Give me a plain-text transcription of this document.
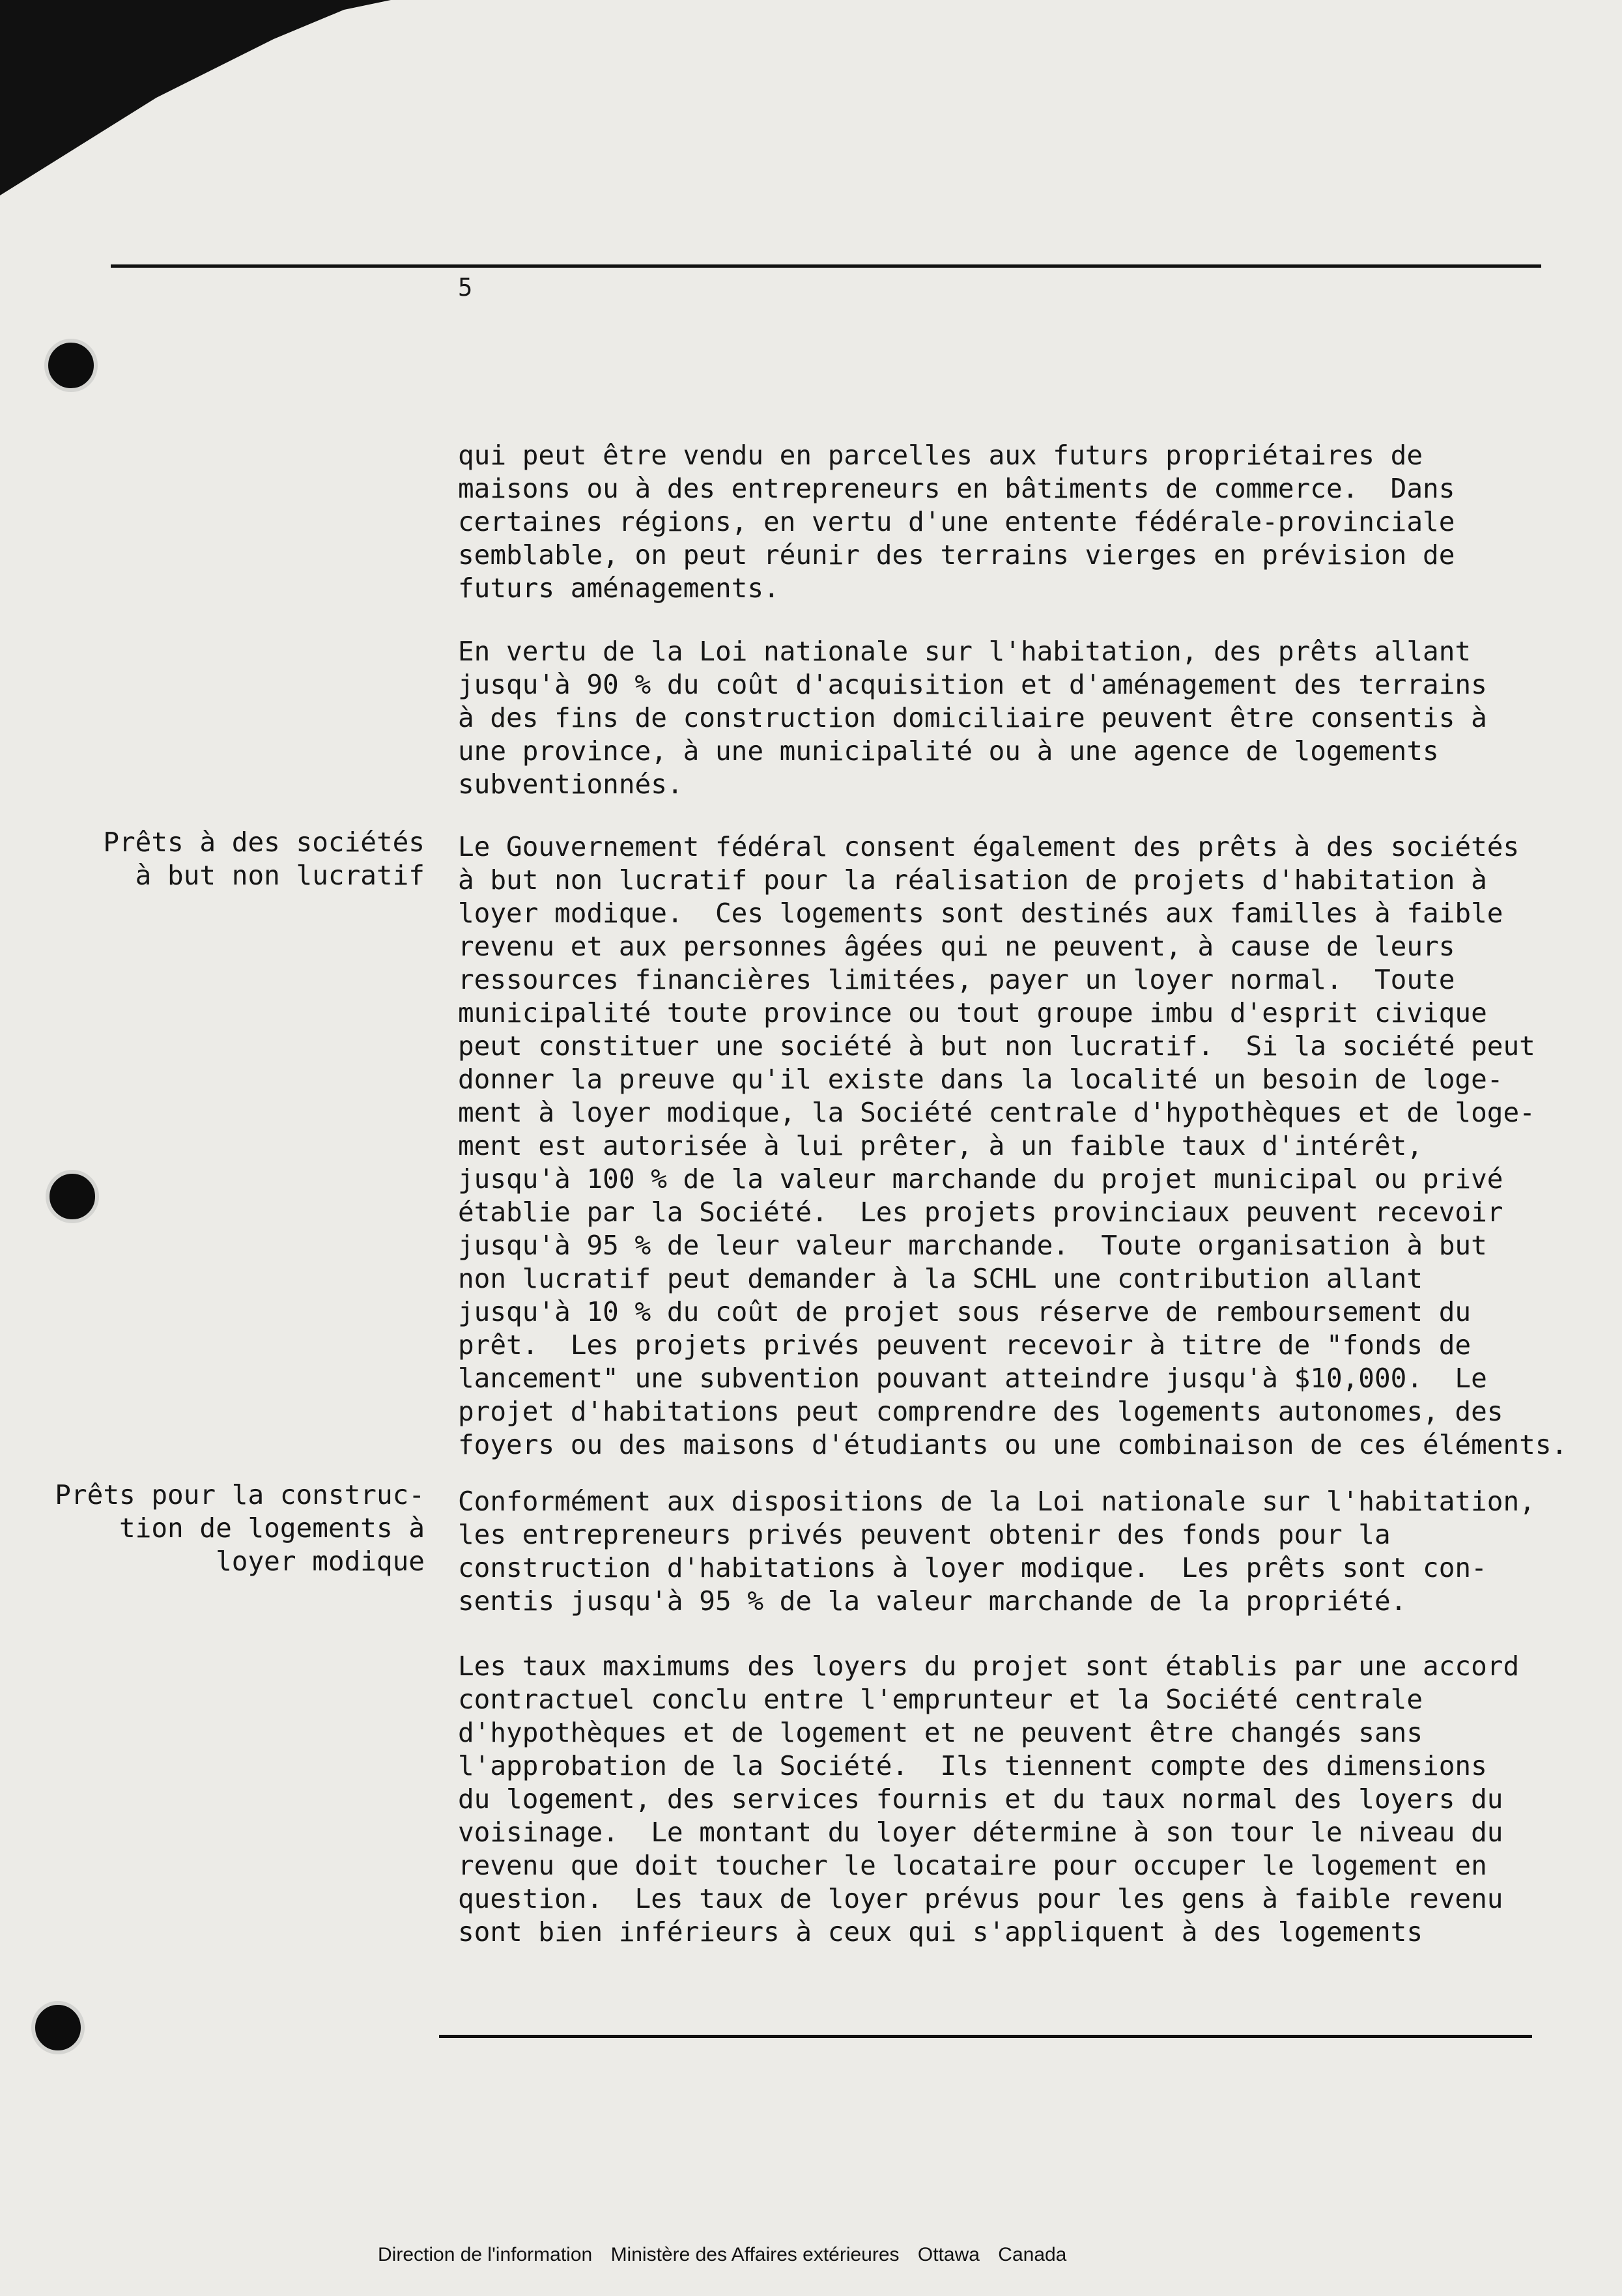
5

qui peut être vendu en parcelles aux futurs propriétaires de

maisons ou à des entrepreneurs en bâtiments de commerce.  Dans

certaines régions, en vertu d'une entente fédérale-provinciale

semblable, on peut réunir des terrains vierges en prévision de

futurs aménagements.

En vertu de la Loi nationale sur l'habitation, des prêts allant

jusqu'à 90 % du coût d'acquisition et d'aménagement des terrains

à des fins de construction domiciliaire peuvent être consentis à

une province, à une municipalité ou à une agence de logements

subventionnés.

Prêts à des sociétés

à but non lucratif

Le Gouvernement fédéral consent également des prêts à des sociétés

à but non lucratif pour la réalisation de projets d'habitation à

loyer modique.  Ces logements sont destinés aux familles à faible

revenu et aux personnes âgées qui ne peuvent, à cause de leurs

ressources financières limitées, payer un loyer normal.  Toute

municipalité toute province ou tout groupe imbu d'esprit civique

peut constituer une société à but non lucratif.  Si la société peut

donner la preuve qu'il existe dans la localité un besoin de loge-

ment à loyer modique, la Société centrale d'hypothèques et de loge-

ment est autorisée à lui prêter, à un faible taux d'intérêt,

jusqu'à 100 % de la valeur marchande du projet municipal ou privé

établie par la Société.  Les projets provinciaux peuvent recevoir

jusqu'à 95 % de leur valeur marchande.  Toute organisation à but

non lucratif peut demander à la SCHL une contribution allant

jusqu'à 10 % du coût de projet sous réserve de remboursement du

prêt.  Les projets privés peuvent recevoir à titre de "fonds de

lancement" une subvention pouvant atteindre jusqu'à $10,000.  Le

projet d'habitations peut comprendre des logements autonomes, des

foyers ou des maisons d'étudiants ou une combinaison de ces éléments.

Prêts pour la construc-

tion de logements à

loyer modique

Conformément aux dispositions de la Loi nationale sur l'habitation,

les entrepreneurs privés peuvent obtenir des fonds pour la

construction d'habitations à loyer modique.  Les prêts sont con-

sentis jusqu'à 95 % de la valeur marchande de la propriété.

Les taux maximums des loyers du projet sont établis par une accord

contractuel conclu entre l'emprunteur et la Société centrale

d'hypothèques et de logement et ne peuvent être changés sans

l'approbation de la Société.  Ils tiennent compte des dimensions

du logement, des services fournis et du taux normal des loyers du

voisinage.  Le montant du loyer détermine à son tour le niveau du

revenu que doit toucher le locataire pour occuper le logement en

question.  Les taux de loyer prévus pour les gens à faible revenu

sont bien inférieurs à ceux qui s'appliquent à des logements

Direction de l'information Ministère des Affaires extérieures Ottawa Canada
